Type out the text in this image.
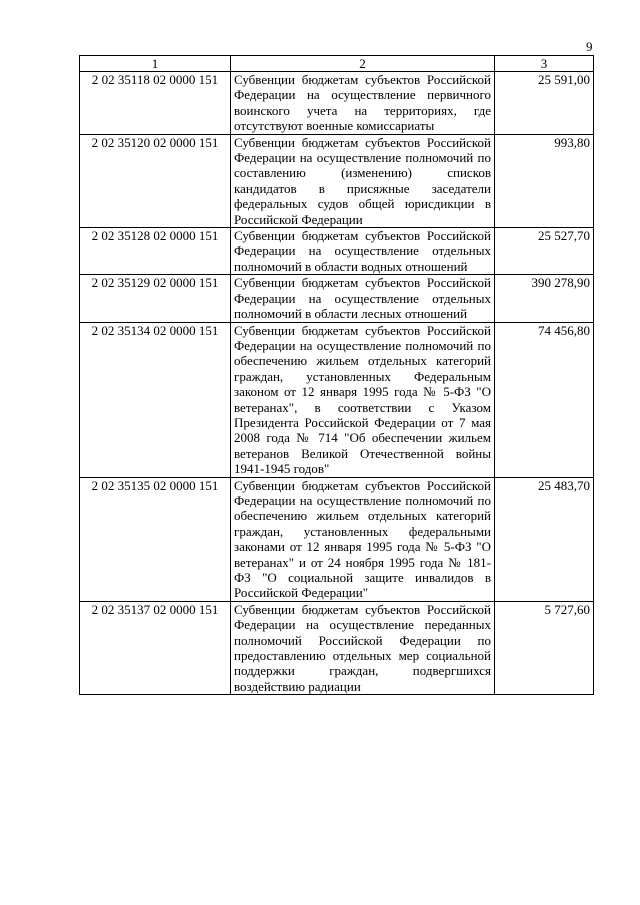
9
1	2	3
2 02 35118 02 0000 151	Субвенции бюджетам субъектов Российской Федерации на осуществление первичного воинского учета на территориях, где отсутствуют военные комиссариаты	25 591,00
2 02 35120 02 0000 151	Субвенции бюджетам субъектов Российской Федерации на осуществление полномочий по составлению (изменению) списков кандидатов в присяжные заседатели федеральных судов общей юрисдикции в Российской Федерации	993,80
2 02 35128 02 0000 151	Субвенции бюджетам субъектов Российской Федерации на осуществление отдельных полномочий в области водных отношений	25 527,70
2 02 35129 02 0000 151	Субвенции бюджетам субъектов Российской Федерации на осуществление отдельных полномочий в области лесных отношений	390 278,90
2 02 35134 02 0000 151	Субвенции бюджетам субъектов Российской Федерации на осуществление полномочий по обеспечению жильем отдельных категорий граждан, установленных Федеральным законом от 12 января 1995 года № 5-ФЗ "О ветеранах", в соответствии с Указом Президента Российской Федерации от 7 мая 2008 года № 714 "Об обеспечении жильем ветеранов Великой Отечественной войны 1941-1945 годов"	74 456,80
2 02 35135 02 0000 151	Субвенции бюджетам субъектов Российской Федерации на осуществление полномочий по обеспечению жильем отдельных категорий граждан, установленных федеральными законами от 12 января 1995 года № 5-ФЗ "О ветеранах" и от 24 ноября 1995 года № 181-ФЗ "О социальной защите инвалидов в Российской Федерации"	25 483,70
2 02 35137 02 0000 151	Субвенции бюджетам субъектов Российской Федерации на осуществление переданных полномочий Российской Федерации по предоставлению отдельных мер социальной поддержки граждан, подвергшихся воздействию радиации	5 727,60
